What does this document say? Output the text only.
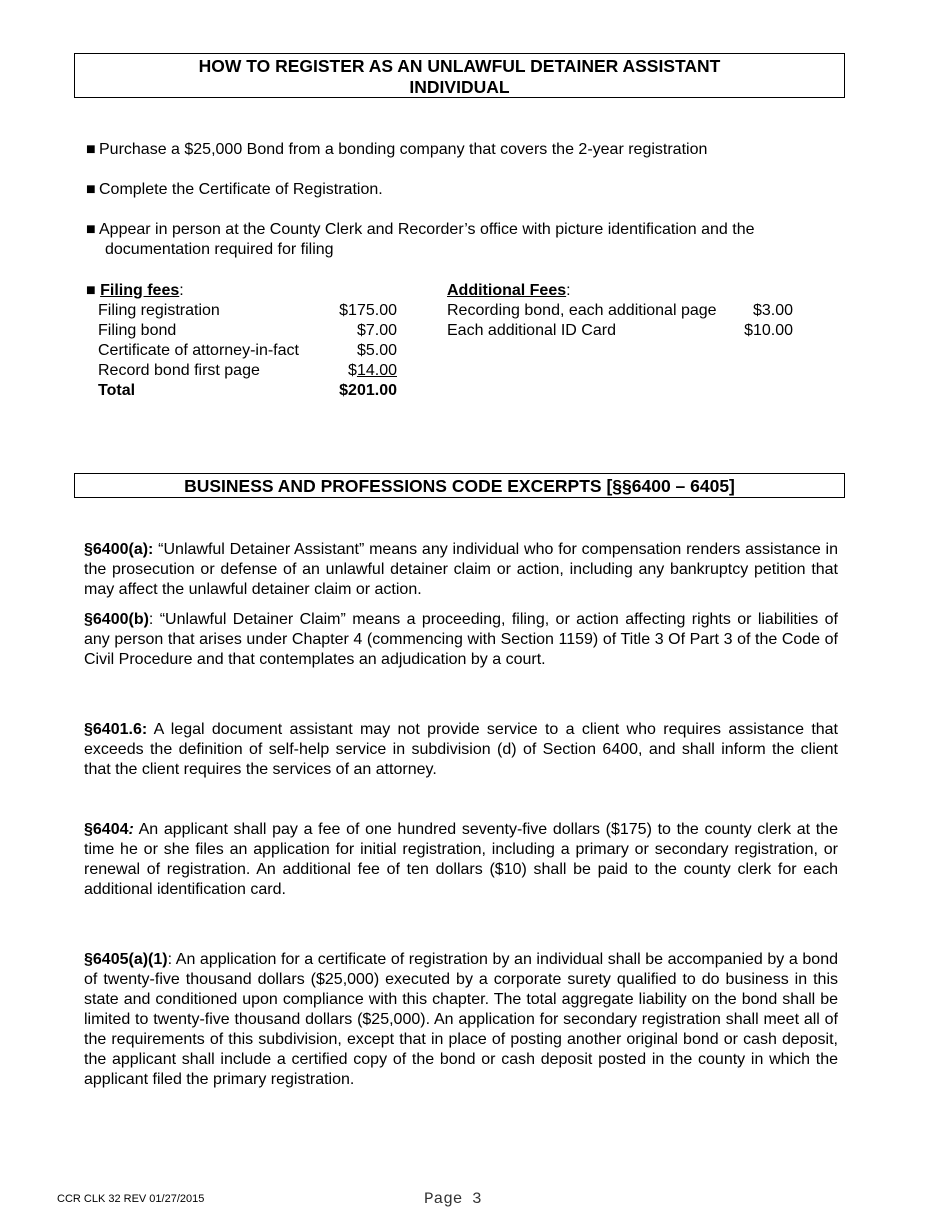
HOW TO REGISTER AS AN UNLAWFUL DETAINER ASSISTANT
INDIVIDUAL
■ Purchase a $25,000 Bond from a bonding company that covers the 2-year registration
■ Complete the Certificate of Registration.
■ Appear in person at the County Clerk and Recorder’s office with picture identification and the
documentation required for filing
■ Filing fees:
Filing registration	$175.00
Filing bond	$7.00
Certificate of attorney-in-fact	$5.00
Record bond first page	$14.00
Total	$201.00
Additional Fees:
Recording bond, each additional page	$3.00
Each additional ID Card	$10.00
BUSINESS AND PROFESSIONS CODE EXCERPTS [§§6400 – 6405]
§6400(a): “Unlawful Detainer Assistant” means any individual who for compensation renders assistance in the prosecution or defense of an unlawful detainer claim or action, including any bankruptcy petition that may affect the unlawful detainer claim or action.
§6400(b): “Unlawful Detainer Claim” means a proceeding, filing, or action affecting rights or liabilities of any person that arises under Chapter 4 (commencing with Section 1159) of Title 3 Of Part 3 of the Code of Civil Procedure and that contemplates an adjudication by a court.
§6401.6: A legal document assistant may not provide service to a client who requires assistance that exceeds the definition of self-help service in subdivision (d) of Section 6400, and shall inform the client that the client requires the services of an attorney.
§6404: An applicant shall pay a fee of one hundred seventy-five dollars ($175) to the county clerk at the time he or she files an application for initial registration, including a primary or secondary registration, or renewal of registration. An additional fee of ten dollars ($10) shall be paid to the county clerk for each additional identification card.
§6405(a)(1): An application for a certificate of registration by an individual shall be accompanied by a bond of twenty-five thousand dollars ($25,000) executed by a corporate surety qualified to do business in this state and conditioned upon compliance with this chapter. The total aggregate liability on the bond shall be limited to twenty-five thousand dollars ($25,000). An application for secondary registration shall meet all of the requirements of this subdivision, except that in place of posting another original bond or cash deposit, the applicant shall include a certified copy of the bond or cash deposit posted in the county in which the applicant filed the primary registration.
CCR CLK 32 REV 01/27/2015	Page 3
